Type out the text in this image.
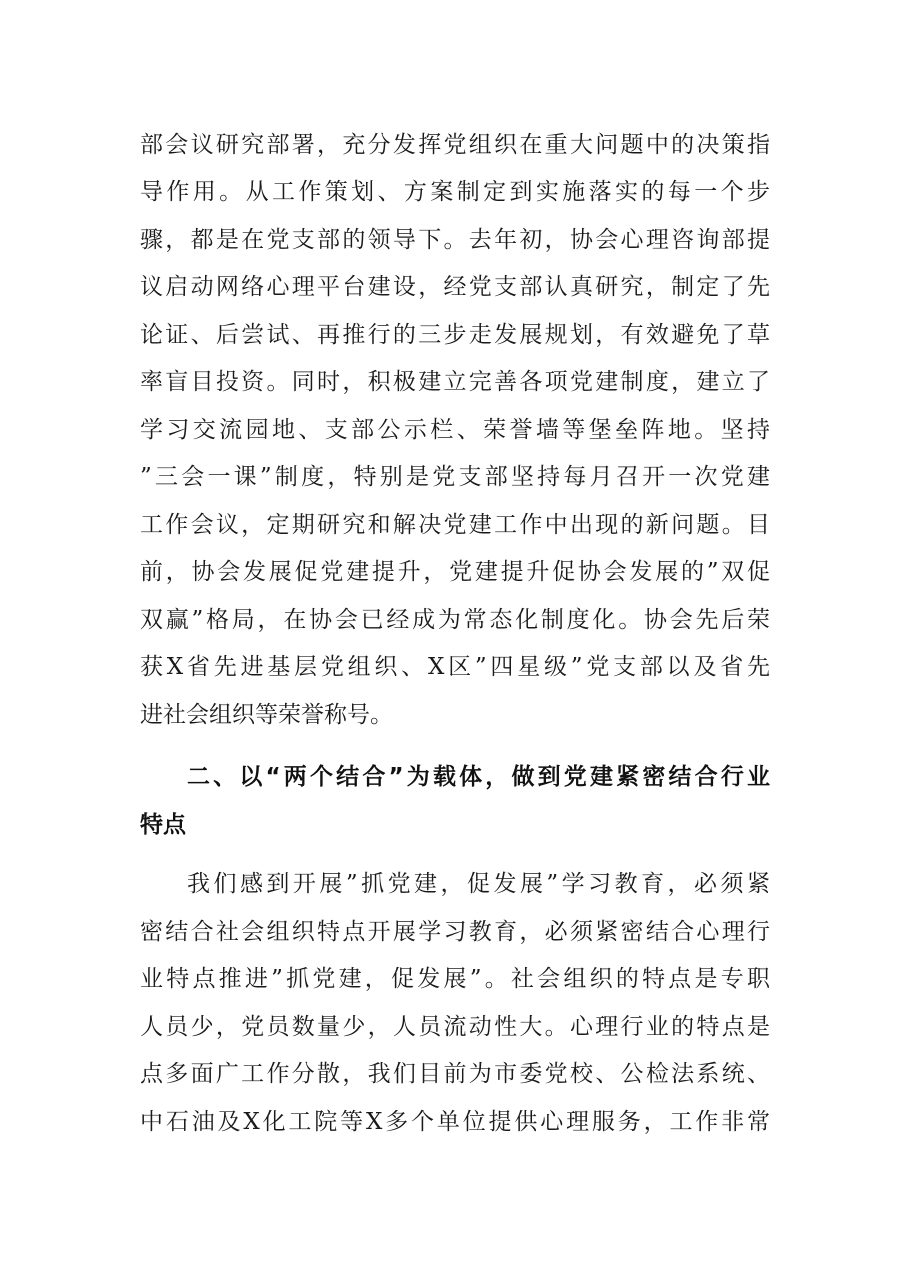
部会议研究部署，充分发挥党组织在重大问题中的决策指
导作用。从工作策划、方案制定到实施落实的每一个步
骤，都是在党支部的领导下。去年初，协会心理咨询部提
议启动网络心理平台建设，经党支部认真研究，制定了先
论证、后尝试、再推行的三步走发展规划，有效避免了草
率盲目投资。同时，积极建立完善各项党建制度，建立了
学习交流园地、支部公示栏、荣誉墙等堡垒阵地。坚持
”三会一课”制度，特别是党支部坚持每月召开一次党建
工作会议，定期研究和解决党建工作中出现的新问题。目
前，协会发展促党建提升，党建提升促协会发展的”双促
双赢”格局，在协会已经成为常态化制度化。协会先后荣
获X省先进基层党组织、X区”四星级”党支部以及省先
进社会组织等荣誉称号。
二、以“两个结合”为载体，做到党建紧密结合行业
特点
我们感到开展”抓党建，促发展”学习教育，必须紧
密结合社会组织特点开展学习教育，必须紧密结合心理行
业特点推进”抓党建，促发展”。社会组织的特点是专职
人员少，党员数量少，人员流动性大。心理行业的特点是
点多面广工作分散，我们目前为市委党校、公检法系统、
中石油及X化工院等X多个单位提供心理服务，工作非常
